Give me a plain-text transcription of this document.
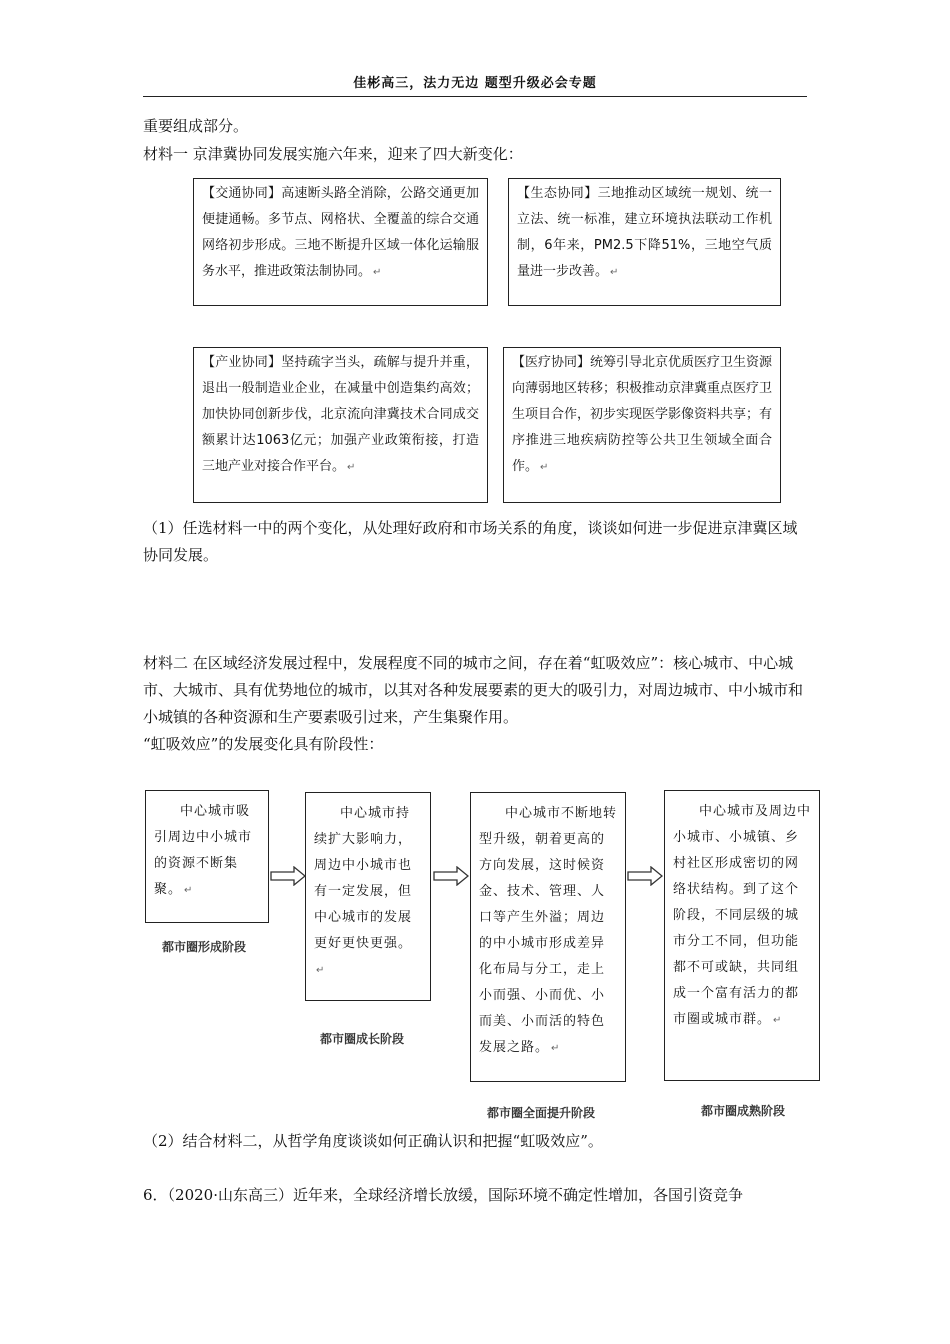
佳彬高三，法力无边 题型升级必会专题
重要组成部分。
材料一 京津冀协同发展实施六年来，迎来了四大新变化：
【交通协同】高速断头路全消除，公路交通更加便捷通畅。多节点、网格状、全覆盖的综合交通网络初步形成。三地不断提升区域一体化运输服务水平，推进政策法制协同。 ↵
【生态协同】三地推动区域统一规划、统一立法、统一标准，建立环境执法联动工作机制，6年来，PM2.5下降51%，三地空气质量进一步改善。 ↵
【产业协同】坚持疏字当头，疏解与提升并重，退出一般制造业企业，在减量中创造集约高效；加快协同创新步伐，北京流向津冀技术合同成交额累计达1063亿元；加强产业政策衔接，打造三地产业对接合作平台。 ↵
【医疗协同】统筹引导北京优质医疗卫生资源向薄弱地区转移；积极推动京津冀重点医疗卫生项目合作，初步实现医学影像资料共享；有序推进三地疾病防控等公共卫生领域全面合作。 ↵
（1）任选材料一中的两个变化，从处理好政府和市场关系的角度，谈谈如何进一步促进京津冀区域协同发展。
材料二 在区域经济发展过程中，发展程度不同的城市之间，存在着“虹吸效应”：核心城市、中心城市、大城市、具有优势地位的城市，以其对各种发展要素的更大的吸引力，对周边城市、中小城市和小城镇的各种资源和生产要素吸引过来，产生集聚作用。
“虹吸效应”的发展变化具有阶段性：
中心城市吸引周边中小城市的资源不断集聚。 ↵
中心城市持续扩大影响力，周边中小城市也有一定发展，但中心城市的发展更好更快更强。↵
中心城市不断地转型升级，朝着更高的方向发展，这时候资金、技术、管理、人口等产生外溢；周边的中小城市形成差异化布局与分工，走上小而强、小而优、小而美、小而活的特色发展之路。 ↵
中心城市及周边中小城市、小城镇、乡村社区形成密切的网络状结构。到了这个阶段，不同层级的城市分工不同，但功能都不可或缺，共同组成一个富有活力的都市圈或城市群。 ↵
都市圈形成阶段
都市圈成长阶段
都市圈全面提升阶段	都市圈成熟阶段
（2）结合材料二，从哲学角度谈谈如何正确认识和把握“虹吸效应”。
6．（2020·山东高三）近年来，全球经济增长放缓，国际环境不确定性增加，各国引资竞争
